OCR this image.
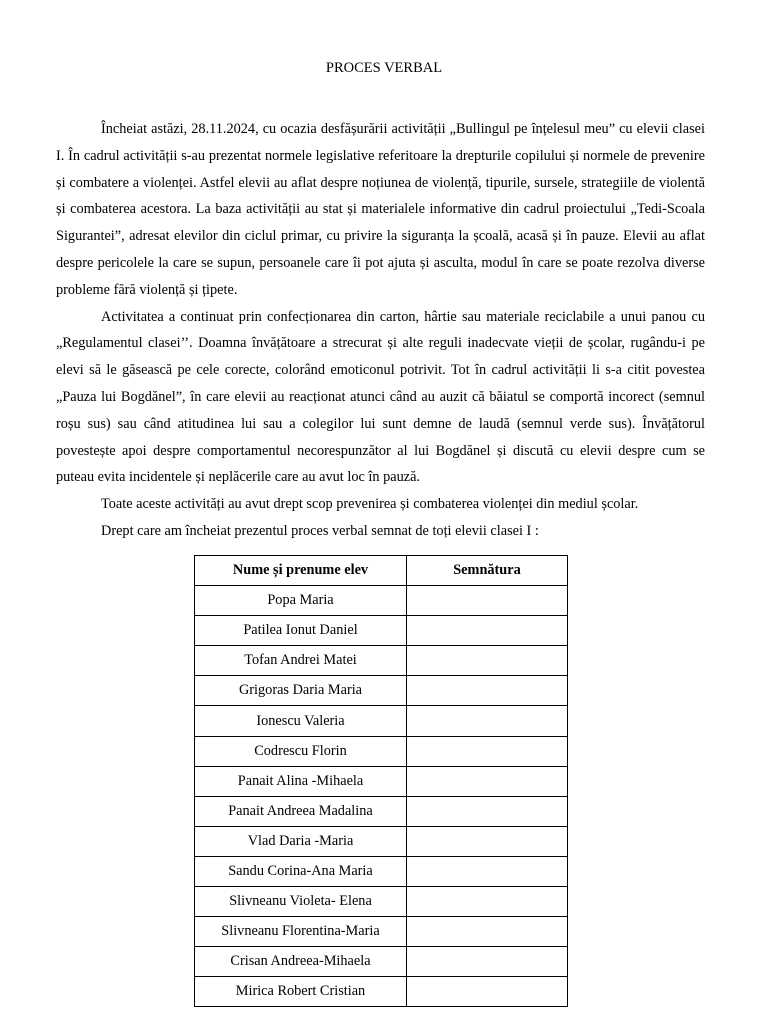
PROCES VERBAL

Încheiat astăzi, 28.11.2024, cu ocazia desfășurării activității „Bullingul pe înțelesul meu” cu elevii clasei I. În cadrul activității s-au prezentat normele legislative referitoare la drepturile copilului și normele de prevenire și combatere a violenței. Astfel elevii au aflat despre noțiunea de violență, tipurile, sursele, strategiile de violentă și combaterea acestora. La baza activității au stat și materialele informative din cadrul proiectului „Tedi-Scoala Sigurantei”, adresat elevilor din ciclul primar, cu privire la siguranța la școală, acasă și în pauze. Elevii au aflat despre pericolele la care se supun, persoanele care îi pot ajuta și asculta, modul în care se poate rezolva diverse probleme fără violență și țipete.

Activitatea a continuat prin confecționarea din carton, hârtie sau materiale reciclabile a unui panou cu „Regulamentul clasei’’. Doamna învățătoare a strecurat și alte reguli inadecvate vieții de școlar, rugându-i pe elevi să le găsească pe cele corecte, colorând emoticonul potrivit. Tot în cadrul activității li s-a citit povestea „Pauza lui Bogdănel”, în care elevii au reacționat atunci când au auzit că băiatul se comportă incorect (semnul roșu sus) sau când atitudinea lui sau a colegilor lui sunt demne de laudă (semnul verde sus). Învățătorul povestește apoi despre comportamentul necorespunzător al lui Bogdănel și discută cu elevii despre cum se puteau evita incidentele și neplăcerile care au avut loc în pauză.

Toate aceste activități au avut drept scop prevenirea și combaterea violenței din mediul școlar.

Drept care am încheiat prezentul proces verbal semnat de toți elevii clasei I :

Nume și prenume elev	Semnătura
Popa Maria	
Patilea Ionut Daniel	
Tofan Andrei Matei	
Grigoras Daria Maria	
Ionescu Valeria	
Codrescu Florin	
Panait Alina -Mihaela	
Panait Andreea Madalina	
Vlad Daria -Maria	
Sandu Corina-Ana Maria	
Slivneanu Violeta- Elena	
Slivneanu Florentina-Maria	
Crisan Andreea-Mihaela	
Mirica Robert Cristian	
